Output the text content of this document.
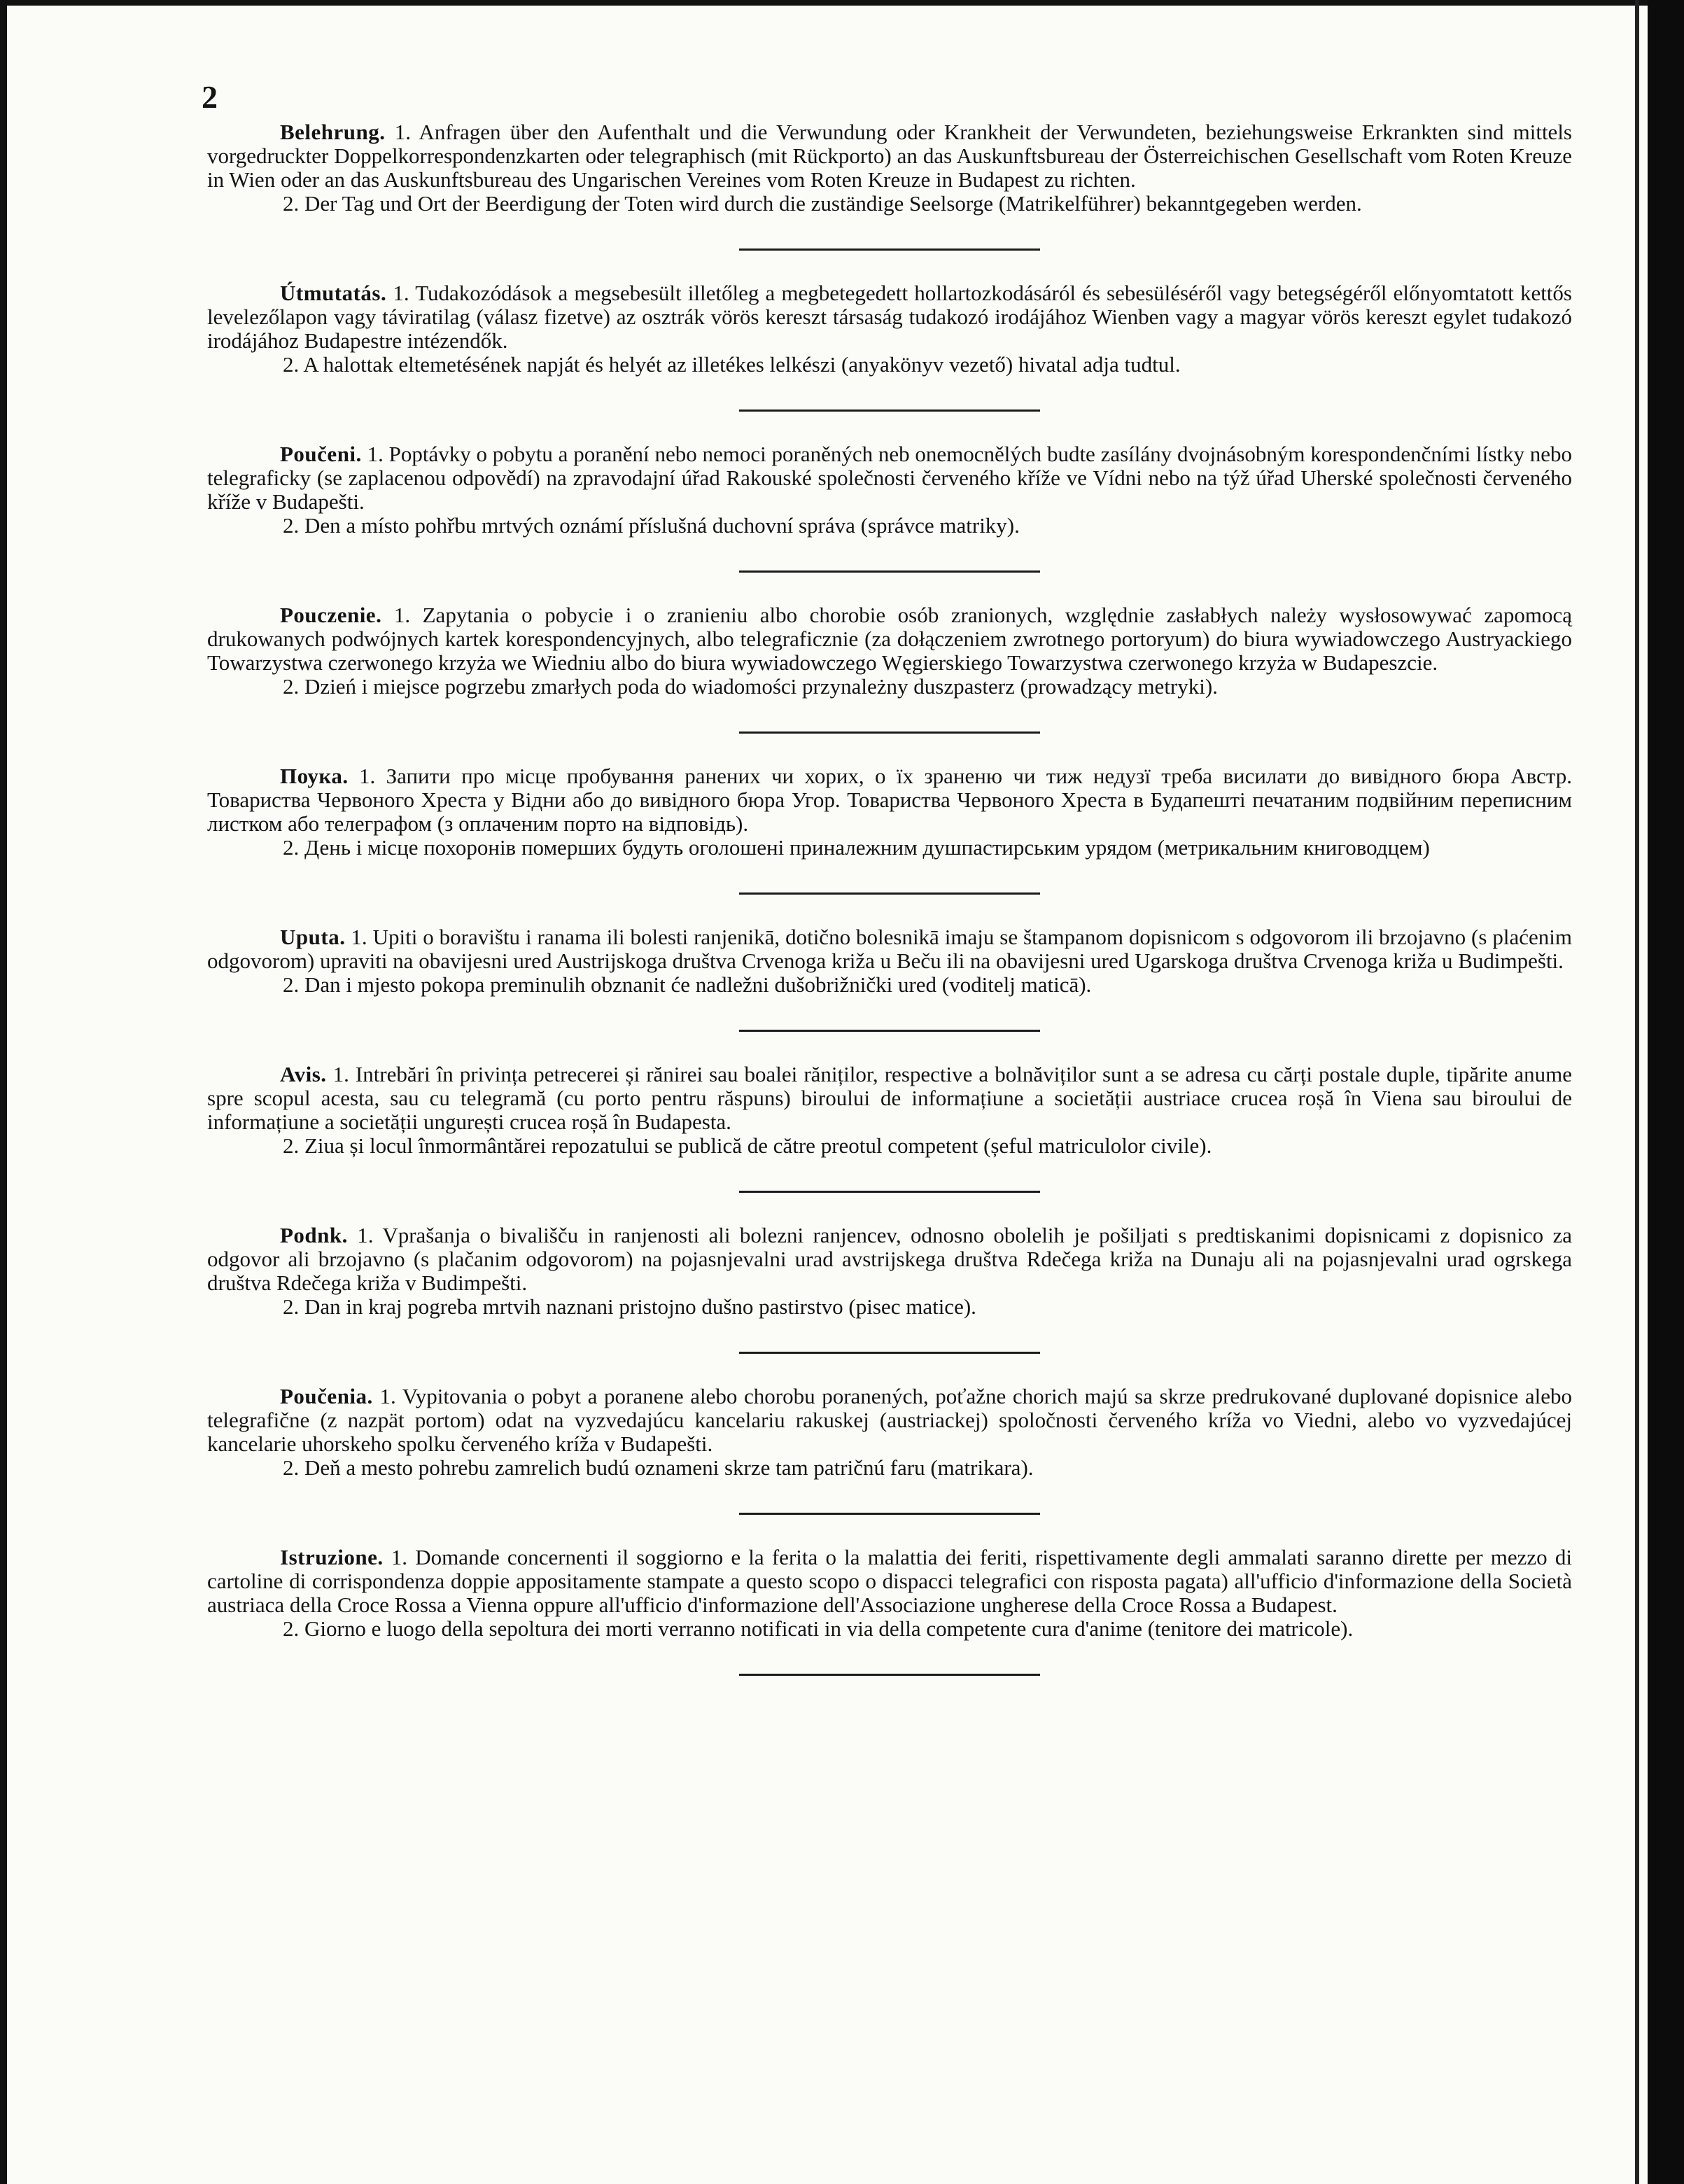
2

Belehrung. 1. Anfragen über den Aufenthalt und die Verwundung oder Krankheit der Verwundeten, beziehungsweise Erkrankten sind mittels vorgedruckter Doppelkorrespondenzkarten oder telegraphisch (mit Rückporto) an das Auskunftsbureau der Österreichischen Gesellschaft vom Roten Kreuze in Wien oder an das Auskunftsbureau des Ungarischen Vereines vom Roten Kreuze in Budapest zu richten.

2. Der Tag und Ort der Beerdigung der Toten wird durch die zuständige Seelsorge (Matrikelführer) bekanntgegeben werden.

Útmutatás. 1. Tudakozódások a megsebesült illetőleg a megbetegedett hollartozkodásáról és sebesüléséről vagy betegségéről előnyomtatott kettős levelezőlapon vagy táviratilag (válasz fizetve) az osztrák vörös kereszt társaság tudakozó irodájához Wienben vagy a magyar vörös kereszt egylet tudakozó irodájához Budapestre intézendők.

2. A halottak eltemetésének napját és helyét az illetékes lelkészi (anyakönyv vezető) hivatal adja tudtul.

Poučeni. 1. Poptávky o pobytu a poranění nebo nemoci poraněných neb onemocnělých budte zasílány dvojnásobným korespondenčními lístky nebo telegraficky (se zaplacenou odpovědí) na zpravodajní úřad Rakouské společnosti červeného kříže ve Vídni nebo na týž úřad Uherské společnosti červeného kříže v Budapešti.

2. Den a místo pohřbu mrtvých oznámí příslušná duchovní správa (správce matriky).

Pouczenie. 1. Zapytania o pobycie i o zranieniu albo chorobie osób zranionych, względnie zasłabłych należy wysłosowywać zapomocą drukowanych podwójnych kartek korespondencyjnych, albo telegraficznie (za dołączeniem zwrotnego portoryum) do biura wywiadowczego Austryackiego Towarzystwa czerwonego krzyża we Wiedniu albo do biura wywiadowczego Węgierskiego Towarzystwa czerwonego krzyża w Budapeszcie.

2. Dzień i miejsce pogrzebu zmarłych poda do wiadomości przynależny duszpasterz (prowadzący metryki).

Поука. 1. Запити про місце пробування ранених чи хорих, о їх зраненю чи тиж недузї треба висилати до вивідного бюра Австр. Товариства Червоного Хреста у Відни або до вивідного бюра Угор. Товариства Червоного Хреста в Будапешті печатаним подвійним переписним листком або телеграфом (з оплаченим порто на відповідь).

2. День і місце похоронів померших будуть оголошені приналежним душпастирським урядом (метрикальним книговодцем)

Uputa. 1. Upiti o boravištu i ranama ili bolesti ranjenikā, dotično bolesnikā imaju se štampanom dopisnicom s odgovorom ili brzojavno (s plaćenim odgovorom) upraviti na obavijesni ured Austrijskoga društva Crvenoga križa u Beču ili na obavijesni ured Ugarskoga društva Crvenoga križa u Budimpešti.

2. Dan i mjesto pokopa preminulih obznanit će nadležni dušobrižnički ured (voditelj maticā).

Avis. 1. Intrebări în privința petrecerei și rănirei sau boalei răniților, respective a bolnăviților sunt a se adresa cu cărți postale duple, tipărite anume spre scopul acesta, sau cu telegramă (cu porto pentru răspuns) biroului de informațiune a societății austriace crucea roșă în Viena sau biroului de informațiune a societății ungurești crucea roșă în Budapesta.

2. Ziua și locul înmormântărei repozatului se publică de către preotul competent (șeful matriculolor civile).

Podnk. 1. Vprašanja o bivališču in ranjenosti ali bolezni ranjencev, odnosno obolelih je pošiljati s predtiskanimi dopisnicami z dopisnico za odgovor ali brzojavno (s plačanim odgovorom) na pojasnjevalni urad avstrijskega društva Rdečega križa na Dunaju ali na pojasnjevalni urad ogrskega društva Rdečega križa v Budimpešti.

2. Dan in kraj pogreba mrtvih naznani pristojno dušno pastirstvo (pisec matice).

Poučenia. 1. Vypitovania o pobyt a poranene alebo chorobu poranených, poťažne chorich majú sa skrze predrukované duplované dopisnice alebo telegrafične (z nazpät portom) odat na vyzvedajúcu kancelariu rakuskej (austriackej) spoločnosti červeného kríža vo Viedni, alebo vo vyzvedajúcej kancelarie uhorskeho spolku červeného kríža v Budapešti.

2. Deň a mesto pohrebu zamrelich budú oznameni skrze tam patričnú faru (matrikara).

Istruzione. 1. Domande concernenti il soggiorno e la ferita o la malattia dei feriti, rispettivamente degli ammalati saranno dirette per mezzo di cartoline di corrispondenza doppie appositamente stampate a questo scopo o dispacci telegrafici con risposta pagata) all'ufficio d'informazione della Società austriaca della Croce Rossa a Vienna oppure all'ufficio d'informazione dell'Associazione ungherese della Croce Rossa a Budapest.

2. Giorno e luogo della sepoltura dei morti verranno notificati in via della competente cura d'anime (tenitore dei matricole).
